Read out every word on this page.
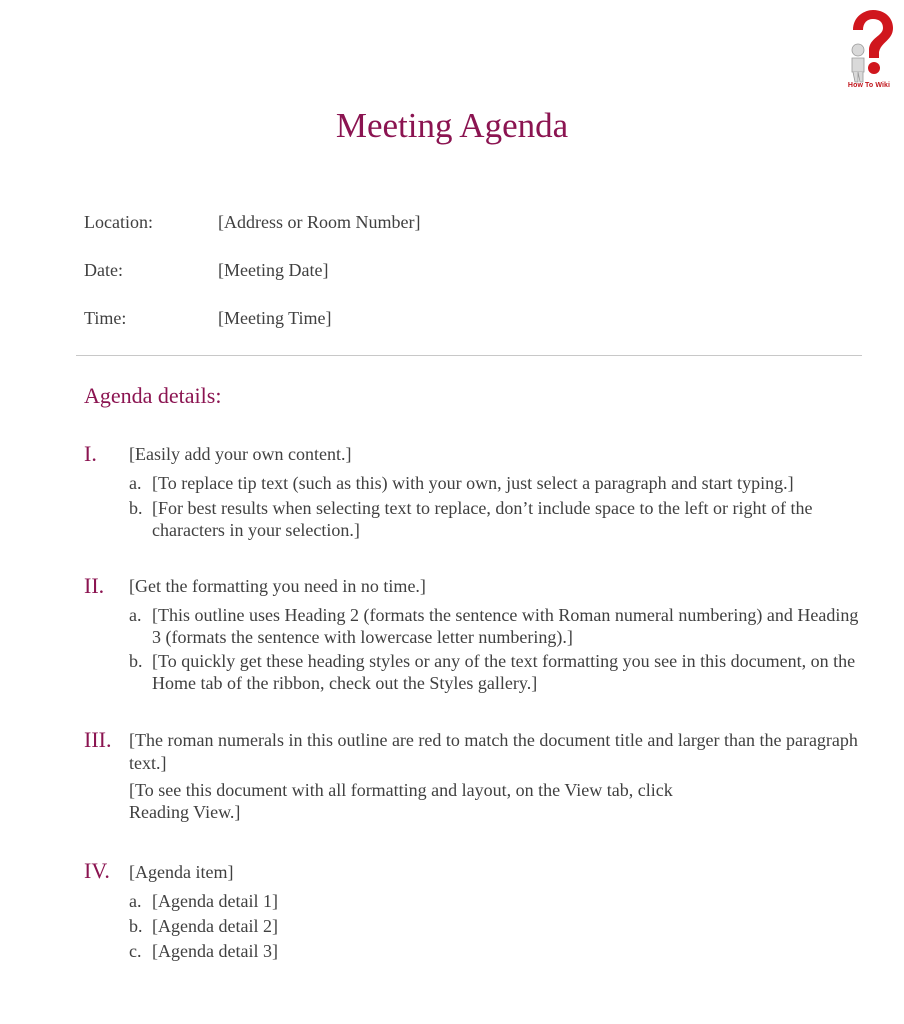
How To Wiki
Meeting Agenda
Location:	[Address or Room Number]
Date:	[Meeting Date]
Time:	[Meeting Time]
Agenda details:
I. [Easily add your own content.]
a. [To replace tip text (such as this) with your own, just select a paragraph and start typing.]
b. [For best results when selecting text to replace, don’t include space to the left or right of the characters in your selection.]
II. [Get the formatting you need in no time.]
a. [This outline uses Heading 2 (formats the sentence with Roman numeral numbering) and Heading 3 (formats the sentence with lowercase letter numbering).]
b. [To quickly get these heading styles or any of the text formatting you see in this document, on the Home tab of the ribbon, check out the Styles gallery.]
III. [The roman numerals in this outline are red to match the document title and larger than the paragraph text.]
[To see this document with all formatting and layout, on the View tab, click
Reading View.]
IV. [Agenda item]
a. [Agenda detail 1]
b. [Agenda detail 2]
c. [Agenda detail 3]
